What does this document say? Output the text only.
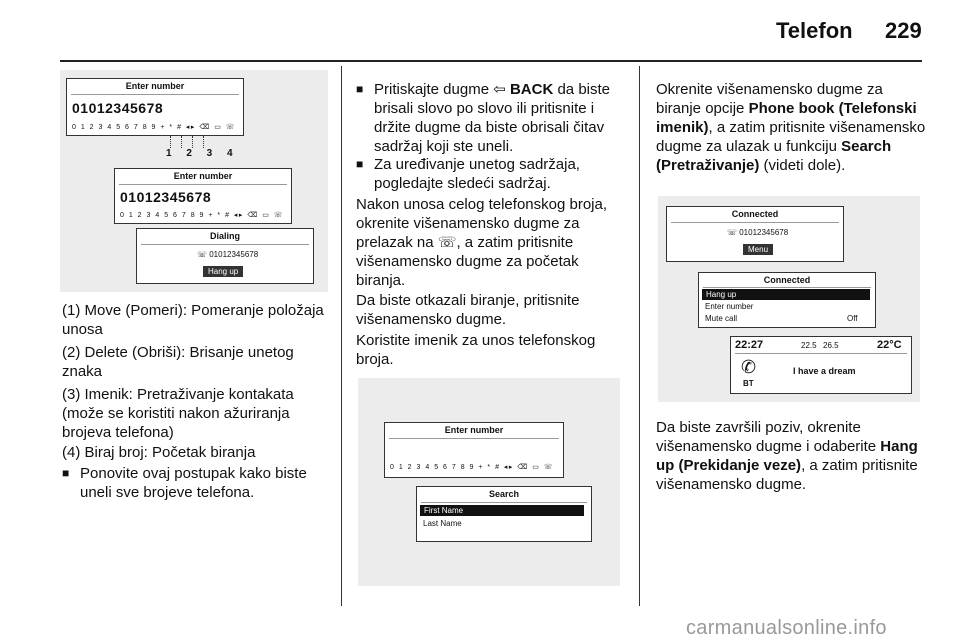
Telefon 229
Enter number
01012345678
0 1 2 3 4 5 6 7 8 9 + * # ◂▸ ⌫ ▭ ☏
1 2 3 4
Enter number
01012345678
0 1 2 3 4 5 6 7 8 9 + * # ◂▸ ⌫ ▭ ☏
Dialing
☏ 01012345678
Hang up
(1) Move (Pomeri): Pomeranje položaja unosa
(2) Delete (Obriši): Brisanje unetog znaka
(3) Imenik: Pretraživanje kontakata (može se koristiti nakon ažuriranja brojeva telefona)
(4) Biraj broj: Početak biranja
■ Ponovite ovaj postupak kako biste uneli sve brojeve telefona.
■ Pritiskajte dugme ⇦ BACK da biste brisali slovo po slovo ili pritisnite i držite dugme da biste obrisali čitav sadržaj koji ste uneli.
■ Za uređivanje unetog sadržaja, pogledajte sledeći sadržaj.
Nakon unosa celog telefonskog broja, okrenite višenamensko dugme za prelazak na ☏, a zatim pritisnite višenamensko dugme za početak biranja.
Da biste otkazali biranje, pritisnite višenamensko dugme.
Koristite imenik za unos telefonskog broja.
Enter number
0 1 2 3 4 5 6 7 8 9 + * # ◂▸ ⌫ ▭ ☏
Search
First Name
Last Name
Okrenite višenamensko dugme za biranje opcije Phone book (Telefonski imenik), a zatim pritisnite višenamensko dugme za ulazak u funkciju Search (Pretraživanje) (videti dole).
Connected
☏ 01012345678
Menu
Connected
Hang up
Enter number
Mute call	Off
22:27	22.5 26.5	22°C
✆
BT
I have a dream
Da biste završili poziv, okrenite višenamensko dugme i odaberite Hang up (Prekidanje veze), a zatim pritisnite višenamensko dugme.
carmanualsonline.info
